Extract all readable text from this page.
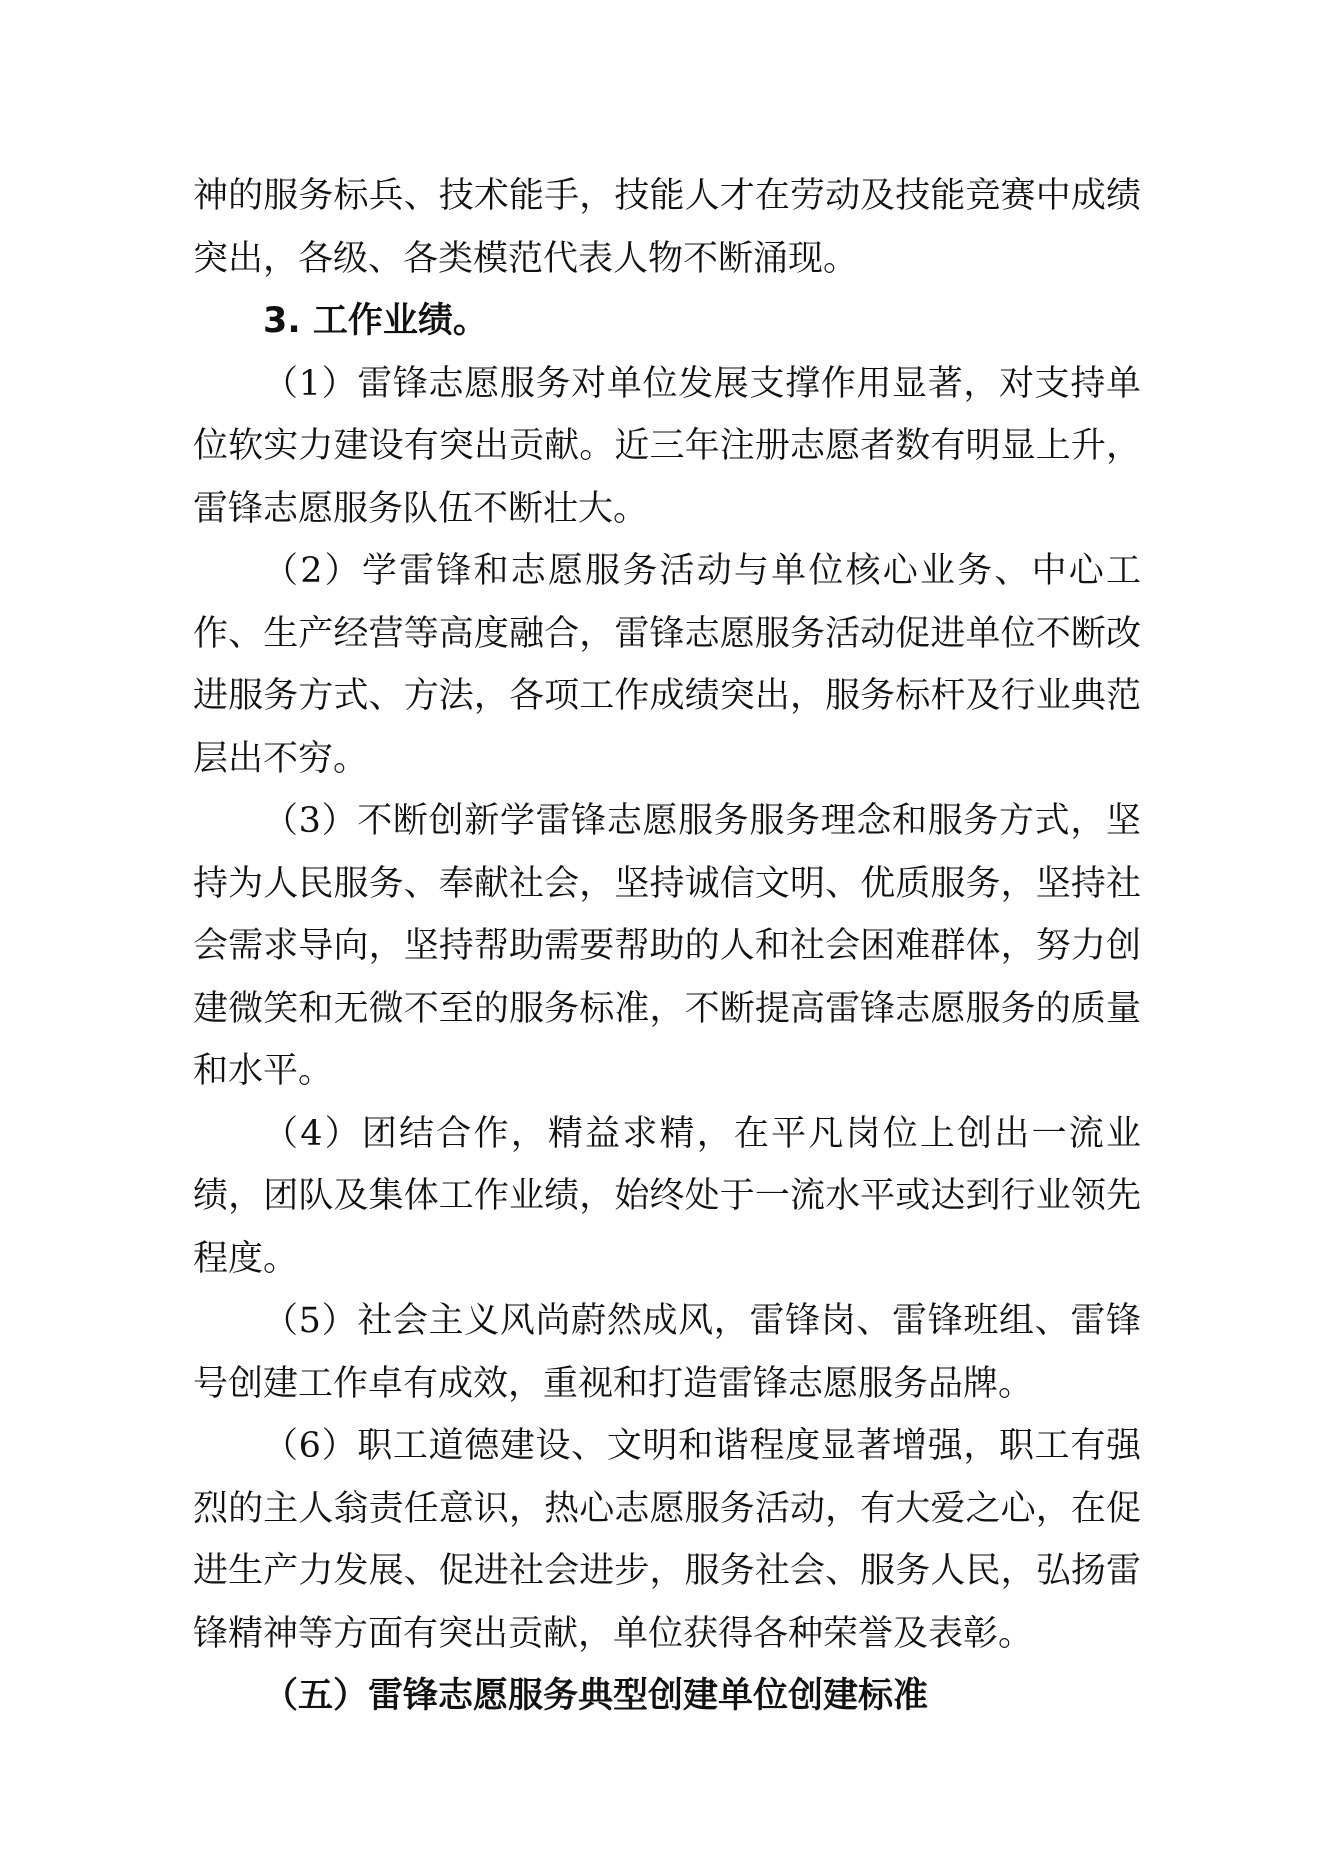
神的服务标兵、技术能手，技能人才在劳动及技能竞赛中成绩突出，各级、各类模范代表人物不断涌现。

3. 工作业绩。

（1）雷锋志愿服务对单位发展支撑作用显著，对支持单位软实力建设有突出贡献。近三年注册志愿者数有明显上升，雷锋志愿服务队伍不断壮大。

（2）学雷锋和志愿服务活动与单位核心业务、中心工作、生产经营等高度融合，雷锋志愿服务活动促进单位不断改进服务方式、方法，各项工作成绩突出，服务标杆及行业典范层出不穷。

（3）不断创新学雷锋志愿服务服务理念和服务方式，坚持为人民服务、奉献社会，坚持诚信文明、优质服务，坚持社会需求导向，坚持帮助需要帮助的人和社会困难群体，努力创建微笑和无微不至的服务标准，不断提高雷锋志愿服务的质量和水平。

（4）团结合作，精益求精，在平凡岗位上创出一流业绩，团队及集体工作业绩，始终处于一流水平或达到行业领先程度。

（5）社会主义风尚蔚然成风，雷锋岗、雷锋班组、雷锋号创建工作卓有成效，重视和打造雷锋志愿服务品牌。

（6）职工道德建设、文明和谐程度显著增强，职工有强烈的主人翁责任意识，热心志愿服务活动，有大爱之心，在促进生产力发展、促进社会进步，服务社会、服务人民，弘扬雷锋精神等方面有突出贡献，单位获得各种荣誉及表彰。

（五）雷锋志愿服务典型创建单位创建标准
